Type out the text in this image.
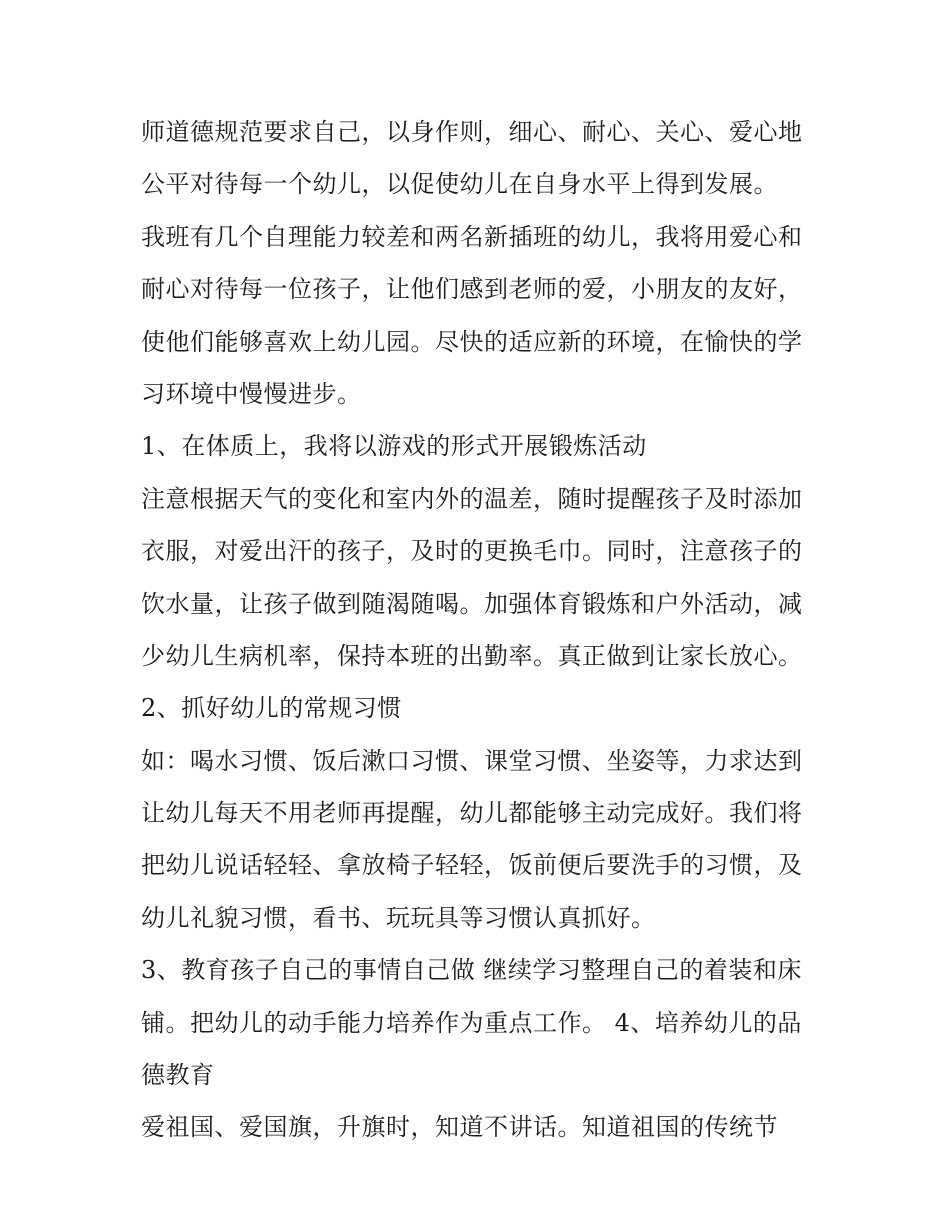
师道德规范要求自己，以身作则，细心、耐心、关心、爱心地
公平对待每一个幼儿，以促使幼儿在自身水平上得到发展。
我班有几个自理能力较差和两名新插班的幼儿，我将用爱心和
耐心对待每一位孩子，让他们感到老师的爱，小朋友的友好，
使他们能够喜欢上幼儿园。尽快的适应新的环境，在愉快的学
习环境中慢慢进步。
1、在体质上，我将以游戏的形式开展锻炼活动
注意根据天气的变化和室内外的温差，随时提醒孩子及时添加
衣服，对爱出汗的孩子，及时的更换毛巾。同时，注意孩子的
饮水量，让孩子做到随渴随喝。加强体育锻炼和户外活动，减
少幼儿生病机率，保持本班的出勤率。真正做到让家长放心。
2、抓好幼儿的常规习惯
如：喝水习惯、饭后漱口习惯、课堂习惯、坐姿等，力求达到
让幼儿每天不用老师再提醒，幼儿都能够主动完成好。我们将
把幼儿说话轻轻、拿放椅子轻轻，饭前便后要洗手的习惯，及
幼儿礼貌习惯，看书、玩玩具等习惯认真抓好。
3、教育孩子自己的事情自己做 继续学习整理自己的着装和床
铺。把幼儿的动手能力培养作为重点工作。 4、培养幼儿的品
德教育
爱祖国、爱国旗，升旗时，知道不讲话。知道祖国的传统节
